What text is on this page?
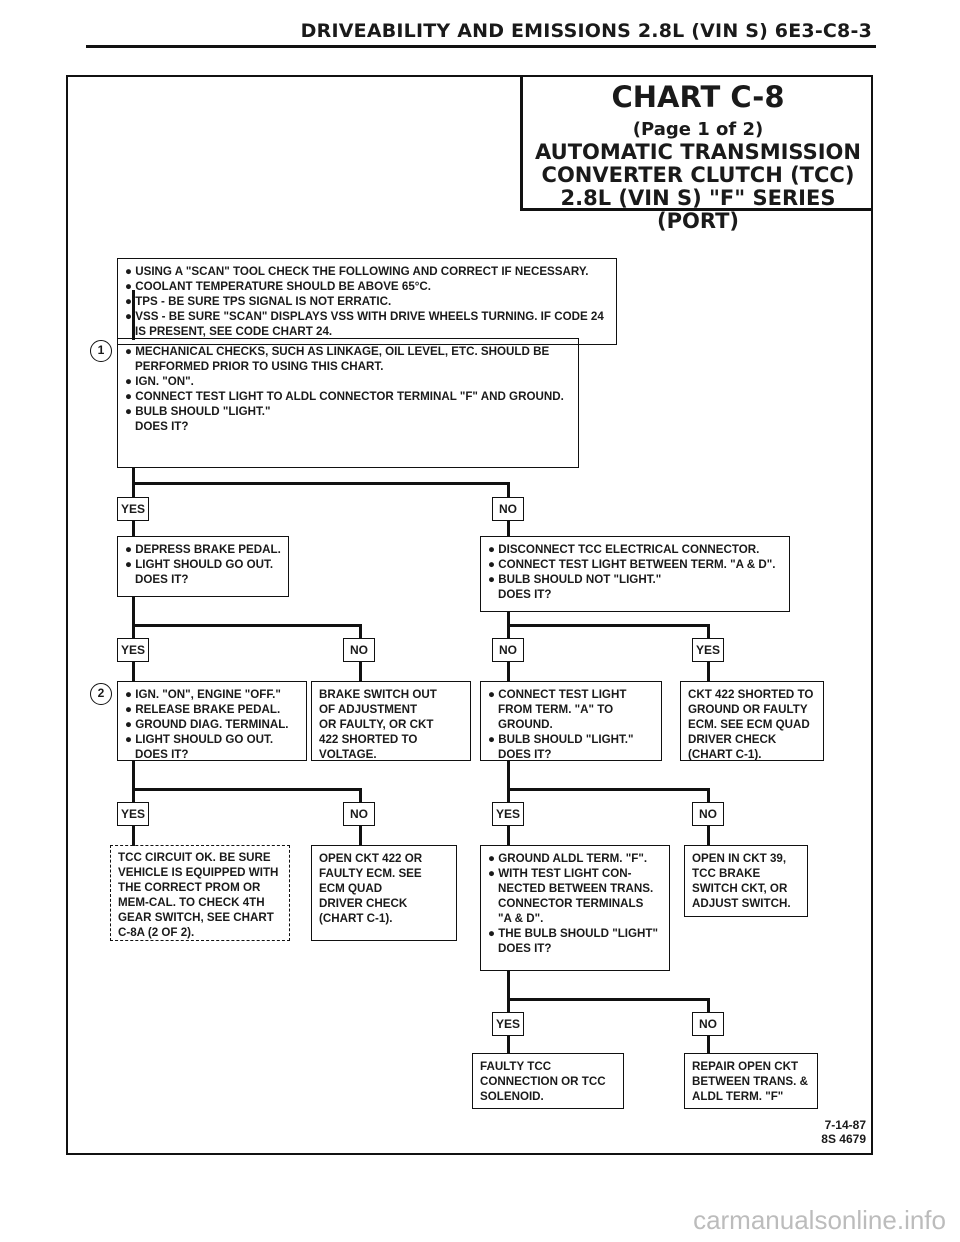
DRIVEABILITY AND EMISSIONS 2.8L (VIN S) 6E3-C8-3
CHART C-8
(Page 1 of 2)
AUTOMATIC TRANSMISSION
CONVERTER CLUTCH (TCC)
2.8L (VIN S) "F" SERIES (PORT)
● USING A "SCAN" TOOL CHECK THE FOLLOWING AND CORRECT IF NECESSARY.
● COOLANT TEMPERATURE SHOULD BE ABOVE 65°C.
● TPS - BE SURE TPS SIGNAL IS NOT ERRATIC.
● VSS - BE SURE "SCAN" DISPLAYS VSS WITH DRIVE WHEELS TURNING. IF CODE 24
IS PRESENT, SEE CODE CHART 24.
1	● MECHANICAL CHECKS, SUCH AS LINKAGE, OIL LEVEL, ETC. SHOULD BE
PERFORMED PRIOR TO USING THIS CHART.
● IGN. "ON".
● CONNECT TEST LIGHT TO ALDL CONNECTOR TERMINAL "F" AND GROUND.
● BULB SHOULD "LIGHT."
DOES IT?
YES	NO
● DEPRESS BRAKE PEDAL.
● LIGHT SHOULD GO OUT.
DOES IT?
● DISCONNECT TCC ELECTRICAL CONNECTOR.
● CONNECT TEST LIGHT BETWEEN TERM. "A & D".
● BULB SHOULD NOT "LIGHT."
DOES IT?
YES	NO	NO	YES
2	● IGN. "ON", ENGINE "OFF."
● RELEASE BRAKE PEDAL.
● GROUND DIAG. TERMINAL.
● LIGHT SHOULD GO OUT.
DOES IT?
BRAKE SWITCH OUT
OF ADJUSTMENT
OR FAULTY, OR CKT
422 SHORTED TO
VOLTAGE.
● CONNECT TEST LIGHT
FROM TERM. "A" TO
GROUND.
● BULB SHOULD "LIGHT."
DOES IT?
CKT 422 SHORTED TO
GROUND OR FAULTY
ECM. SEE ECM QUAD
DRIVER CHECK
(CHART C-1).
YES	NO	YES	NO
TCC CIRCUIT OK. BE SURE
VEHICLE IS EQUIPPED WITH
THE CORRECT PROM OR
MEM-CAL. TO CHECK 4TH
GEAR SWITCH, SEE CHART
C-8A (2 OF 2).
OPEN CKT 422 OR
FAULTY ECM. SEE
ECM QUAD
DRIVER CHECK
(CHART C-1).
● GROUND ALDL TERM. "F".
● WITH TEST LIGHT CON-
NECTED BETWEEN TRANS.
CONNECTOR TERMINALS
"A & D".
● THE BULB SHOULD "LIGHT"
DOES IT?
OPEN IN CKT 39,
TCC BRAKE
SWITCH CKT, OR
ADJUST SWITCH.
YES	NO
FAULTY TCC
CONNECTION OR TCC
SOLENOID.
REPAIR OPEN CKT
BETWEEN TRANS. &
ALDL TERM. "F"
7-14-87
8S 4679
carmanualsonline.info
